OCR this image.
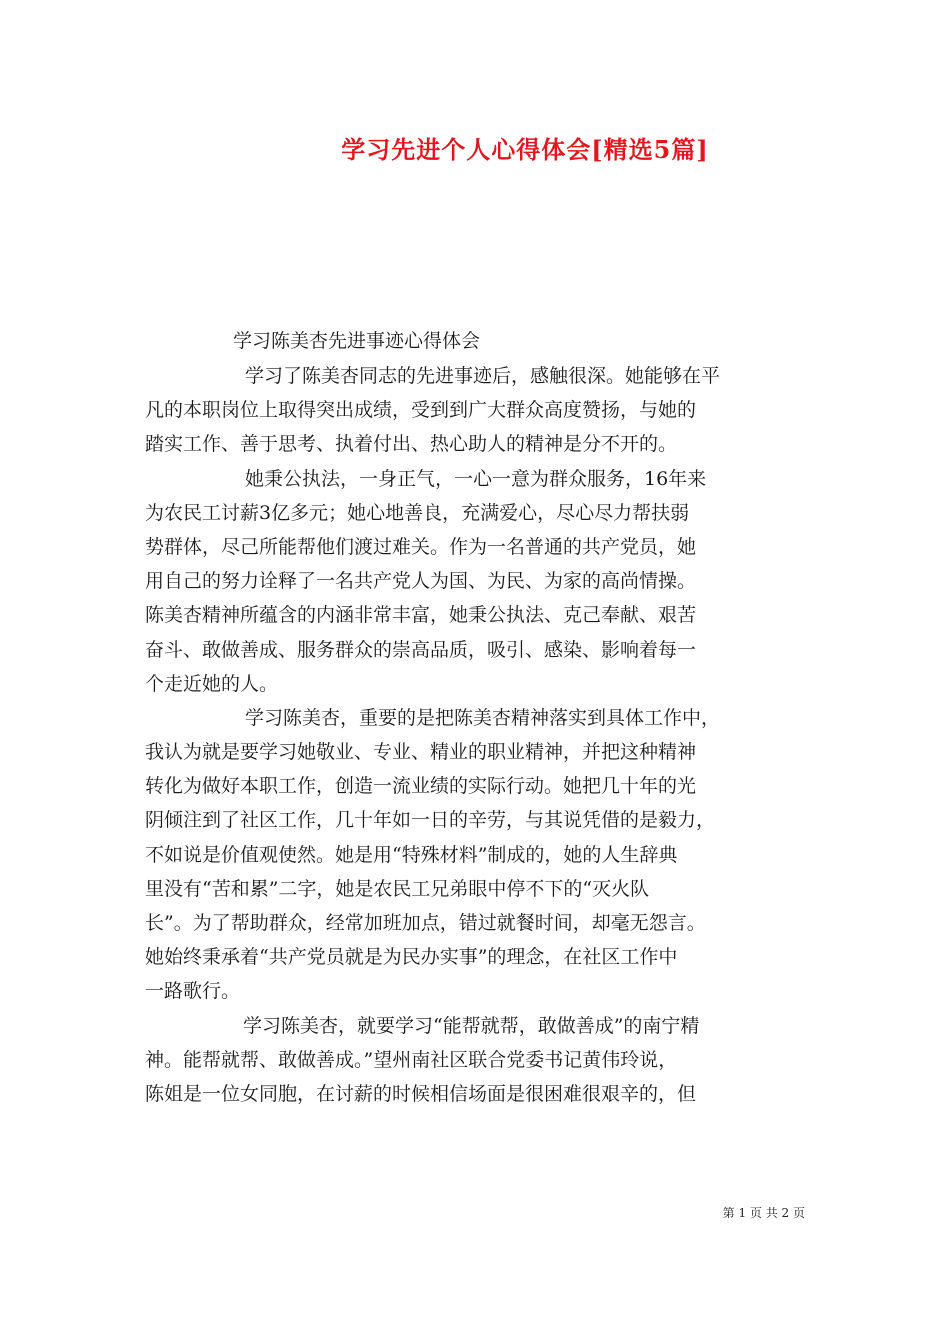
学习先进个人心得体会[精选5篇]
学习陈美杏先进事迹心得体会
学习了陈美杏同志的先进事迹后，感触很深。她能够在平
凡的本职岗位上取得突出成绩，受到到广大群众高度赞扬，与她的
踏实工作、善于思考、执着付出、热心助人的精神是分不开的。
她秉公执法，一身正气，一心一意为群众服务，16年来
为农民工讨薪3亿多元；她心地善良，充满爱心，尽心尽力帮扶弱
势群体，尽己所能帮他们渡过难关。作为一名普通的共产党员，她
用自己的努力诠释了一名共产党人为国、为民、为家的高尚情操。
陈美杏精神所蕴含的内涵非常丰富，她秉公执法、克己奉献、艰苦
奋斗、敢做善成、服务群众的崇高品质，吸引、感染、影响着每一
个走近她的人。
学习陈美杏，重要的是把陈美杏精神落实到具体工作中，
我认为就是要学习她敬业、专业、精业的职业精神，并把这种精神
转化为做好本职工作，创造一流业绩的实际行动。她把几十年的光
阴倾注到了社区工作，几十年如一日的辛劳，与其说凭借的是毅力，
不如说是价值观使然。她是用“特殊材料”制成的，她的人生辞典
里没有“苦和累”二字，她是农民工兄弟眼中停不下的“灭火队
长”。为了帮助群众，经常加班加点，错过就餐时间，却毫无怨言。
她始终秉承着“共产党员就是为民办实事”的理念，在社区工作中
一路歌行。
学习陈美杏，就要学习“能帮就帮，敢做善成”的南宁精
神。能帮就帮、敢做善成。”望州南社区联合党委书记黄伟玲说，
陈姐是一位女同胞，在讨薪的时候相信场面是很困难很艰辛的，但
第 1 页 共 2 页
